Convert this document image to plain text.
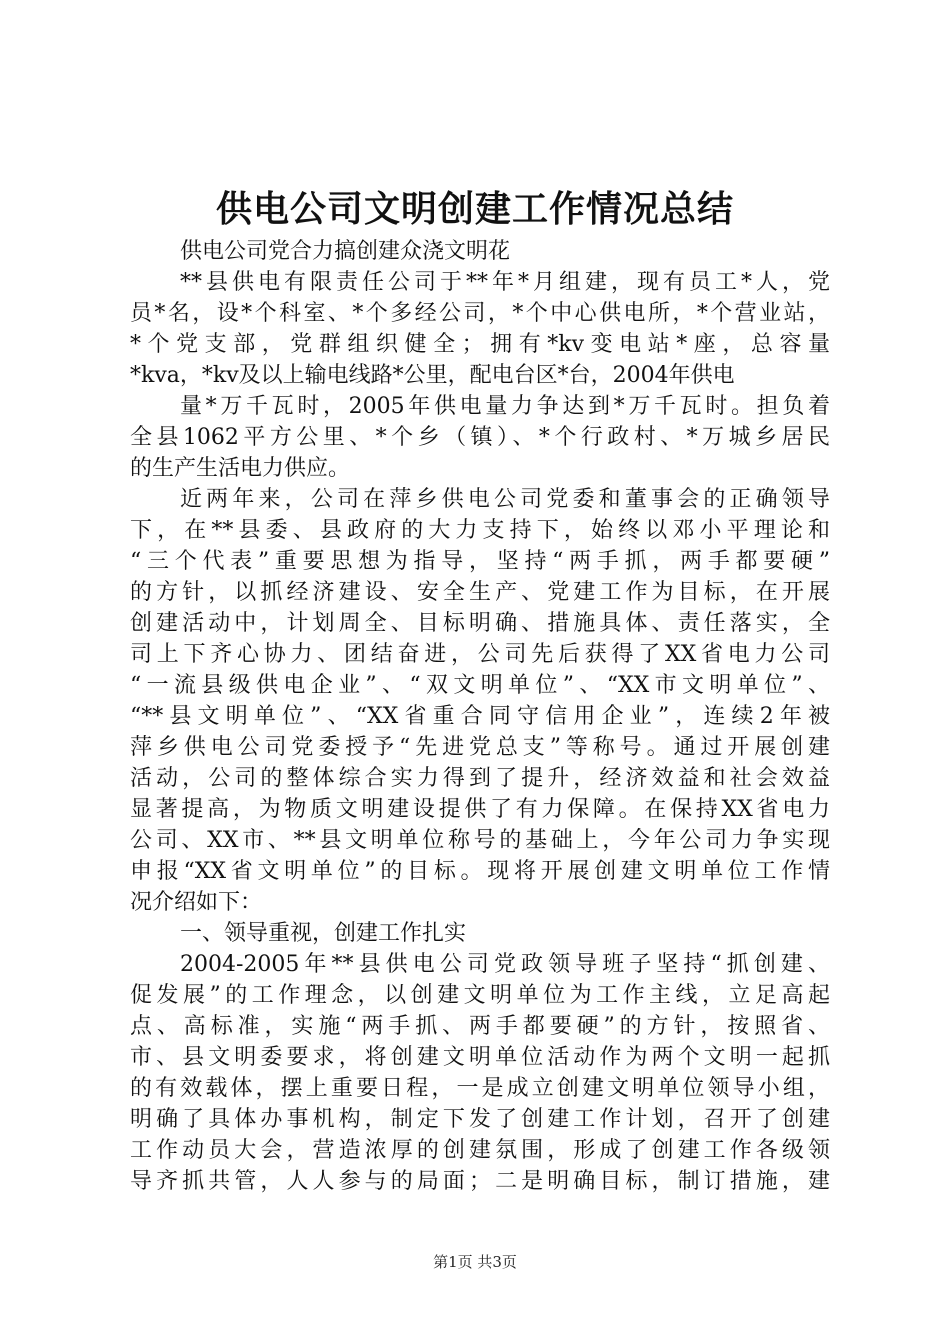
供电公司文明创建工作情况总结
供电公司党合力搞创建众浇文明花
**县供电有限责任公司于**年*月组建，现有员工*人，党
员*名，设*个科室、*个多经公司，*个中心供电所，*个营业站，
*个党支部，党群组织健全；拥有*kv变电站*座，总容量
*kva，*kv及以上输电线路*公里，配电台区*台，2004年供电
量*万千瓦时，2005年供电量力争达到*万千瓦时。担负着
全县1062平方公里、*个乡（镇）、*个行政村、*万城乡居民
的生产生活电力供应。
近两年来，公司在萍乡供电公司党委和董事会的正确领导
下，在**县委、县政府的大力支持下，始终以邓小平理论和
“三个代表”重要思想为指导，坚持“两手抓，两手都要硬”
的方针，以抓经济建设、安全生产、党建工作为目标，在开展
创建活动中，计划周全、目标明确、措施具体、责任落实，全
司上下齐心协力、团结奋进，公司先后获得了XX省电力公司
“一流县级供电企业”、“双文明单位”、“XX市文明单位”、
“**县文明单位”、“XX省重合同守信用企业”，连续2年被
萍乡供电公司党委授予“先进党总支”等称号。通过开展创建
活动，公司的整体综合实力得到了提升，经济效益和社会效益
显著提高，为物质文明建设提供了有力保障。在保持XX省电力
公司、XX市、**县文明单位称号的基础上，今年公司力争实现
申报“XX省文明单位”的目标。现将开展创建文明单位工作情
况介绍如下：
一、领导重视，创建工作扎实
2004-2005年**县供电公司党政领导班子坚持“抓创建、
促发展”的工作理念，以创建文明单位为工作主线，立足高起
点、高标准，实施“两手抓、两手都要硬”的方针，按照省、
市、县文明委要求，将创建文明单位活动作为两个文明一起抓
的有效载体，摆上重要日程，一是成立创建文明单位领导小组，
明确了具体办事机构，制定下发了创建工作计划，召开了创建
工作动员大会，营造浓厚的创建氛围，形成了创建工作各级领
导齐抓共管，人人参与的局面；二是明确目标，制订措施，建
第1页 共3页
